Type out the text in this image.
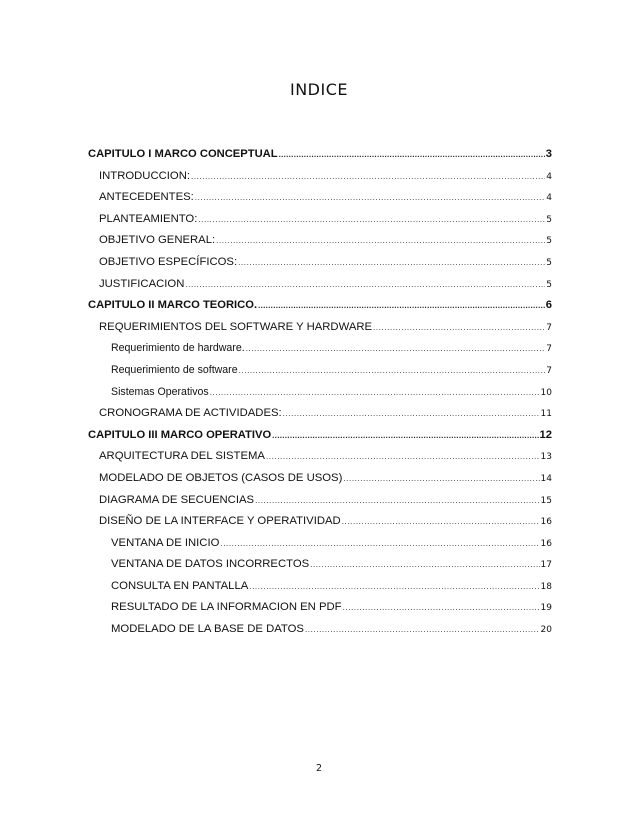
INDICE
CAPITULO I MARCO CONCEPTUAL .....	3
INTRODUCCION: .....	4
ANTECEDENTES: .....	4
PLANTEAMIENTO: .....	5
OBJETIVO GENERAL: .....	5
OBJETIVO ESPECÍFICOS: .....	5
JUSTIFICACION .....	5
CAPITULO II MARCO TEORICO. .....	6
REQUERIMIENTOS DEL SOFTWARE Y HARDWARE .....	7
Requerimiento de hardware. .....	7
Requerimiento de software .....	7
Sistemas Operativos .....	10
CRONOGRAMA DE ACTIVIDADES: .....	11
CAPITULO III MARCO OPERATIVO .....	12
ARQUITECTURA DEL SISTEMA .....	13
MODELADO DE OBJETOS (CASOS DE USOS) .....	14
DIAGRAMA DE SECUENCIAS .....	15
DISEÑO DE LA INTERFACE Y OPERATIVIDAD .....	16
VENTANA DE INICIO .....	16
VENTANA DE DATOS INCORRECTOS .....	17
CONSULTA EN PANTALLA .....	18
RESULTADO DE LA INFORMACION EN PDF .....	19
MODELADO DE LA BASE DE DATOS .....	20
2
